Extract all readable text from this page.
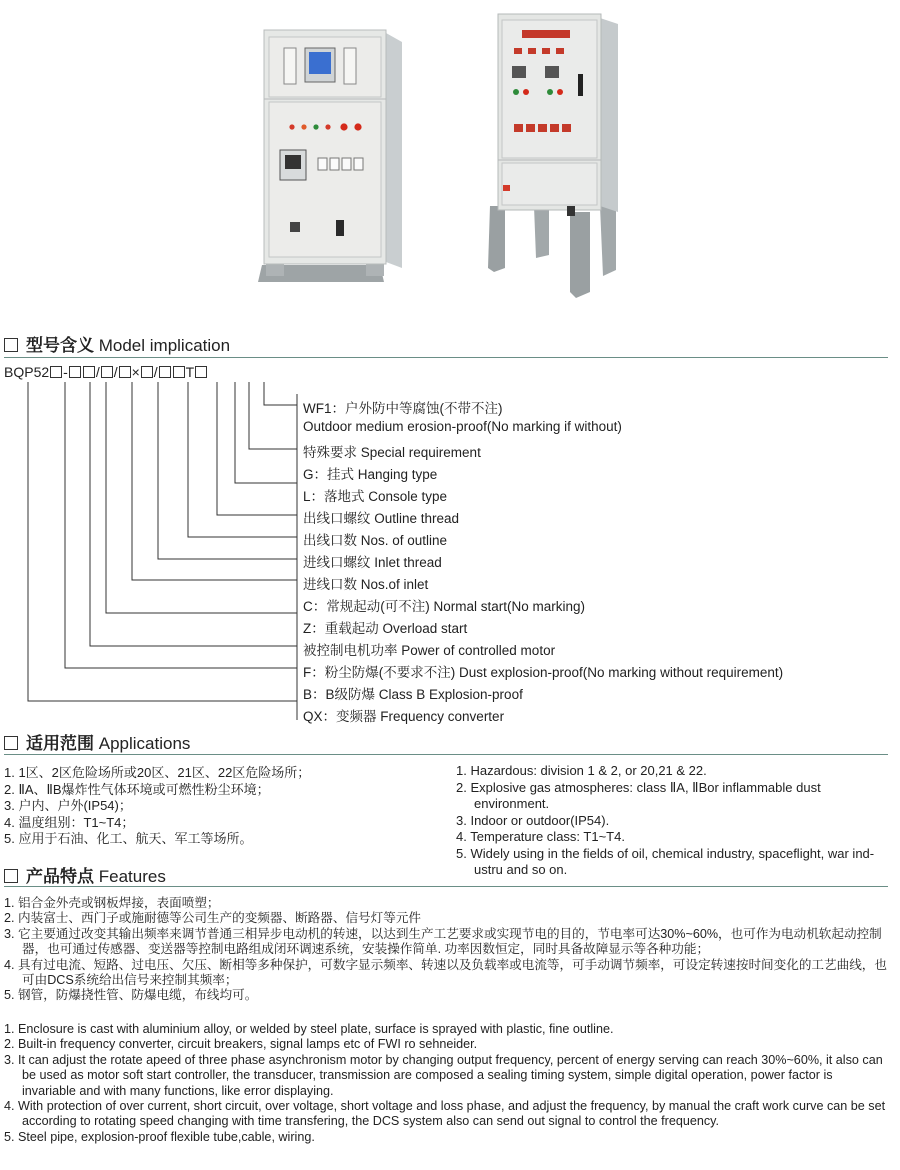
型号含义 Model implication
BQP52 - / / × / T
WF1：户外防中等腐蚀(不带不注)
Outdoor medium erosion-proof(No marking if without)
特殊要求 Special requirement
G：挂式 Hanging type
L：落地式 Console type
出线口螺纹 Outline thread
出线口数 Nos. of outline
进线口螺纹 Inlet thread
进线口数 Nos.of inlet
C：常规起动(可不注) Normal start(No marking)
Z：重载起动 Overload start
被控制电机功率 Power of controlled motor
F：粉尘防爆(不要求不注) Dust explosion-proof(No marking without requirement)
B：B级防爆 Class B Explosion-proof
QX：变频器 Frequency converter
适用范围 Applications
1. 1区、2区危险场所或20区、21区、22区危险场所；
2. ⅡA、ⅡB爆炸性气体环境或可燃性粉尘环境；
3. 户内、户外(IP54)；
4. 温度组别：T1~T4；
5. 应用于石油、化工、航天、军工等场所。
1. Hazardous: division 1 & 2, or 20,21 & 22.
2. Explosive gas atmospheres: class ⅡA, ⅡBor inflammable dust environment.
3. Indoor or outdoor(IP54).
4. Temperature class: T1~T4.
5. Widely using in the fields of oil, chemical industry, spaceflight, war ind-ustru and so on.
产品特点 Features
1. 铝合金外壳或钢板焊接，表面喷塑；
2. 内装富士、西门子或施耐德等公司生产的变频器、断路器、信号灯等元件
3. 它主要通过改变其输出频率来调节普通三相异步电动机的转速，以达到生产工艺要求或实现节电的目的，节电率可达30%~60%，也可作为电动机软起动控制器，也可通过传感器、变送器等控制电路组成闭环调速系统，安装操作简单. 功率因数恒定，同时具备故障显示等各种功能；
4. 具有过电流、短路、过电压、欠压、断相等多种保护，可数字显示频率、转速以及负载率或电流等，可手动调节频率，可设定转速按时间变化的工艺曲线，也可由DCS系统给出信号来控制其频率；
5. 钢管，防爆挠性管、防爆电缆，布线均可。
1. Enclosure is cast with aluminium alloy, or welded by steel plate, surface is sprayed with plastic, fine outline.
2. Built-in frequency converter, circuit breakers, signal lamps etc of FWI ro sehneider.
3. It can adjust the rotate apeed of three phase asynchronism motor by changing output frequency, percent of energy serving can reach 30%~60%, it also can be used as motor soft start controller, the transducer, transmission are composed a sealing timing system, simple digital operation, power factor is invariable and with many functions, like error displaying.
4. With protection of over current, short circuit, over voltage, short voltage and loss phase, and adjust the frequency, by manual the craft work curve can be set according to rotating speed changing with time transfering, the DCS system also can send out signal to control the frequency.
5. Steel pipe, explosion-proof flexible tube,cable, wiring.
